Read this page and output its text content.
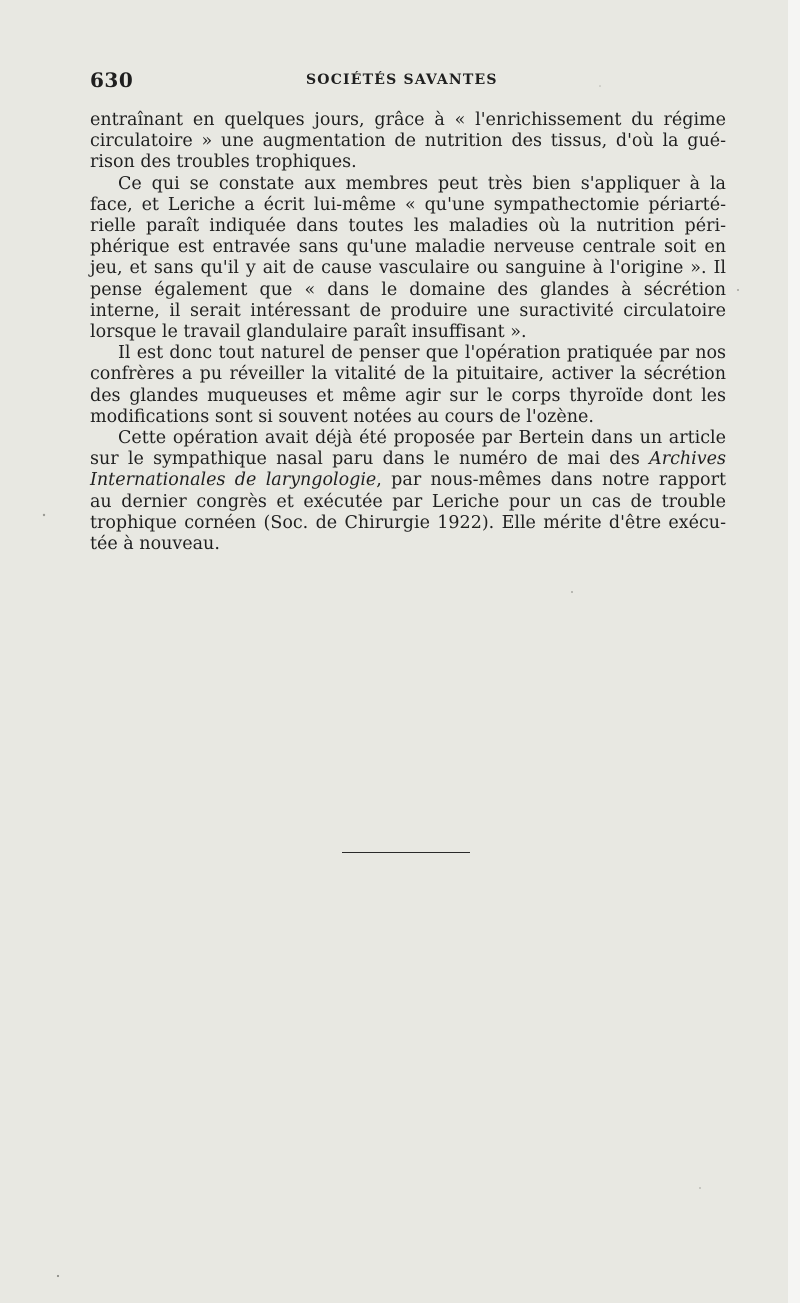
630	SOCIÉTÉS SAVANTES

entraînant en quelques jours, grâce à « l'enrichissement du régime circulatoire » une augmentation de nutrition des tissus, d'où la guérison des troubles trophiques.

Ce qui se constate aux membres peut très bien s'appliquer à la face, et Leriche a écrit lui-même « qu'une sympathectomie périartérielle paraît indiquée dans toutes les maladies où la nutrition périphérique est entravée sans qu'une maladie nerveuse centrale soit en jeu, et sans qu'il y ait de cause vasculaire ou sanguine à l'origine ». Il pense également que « dans le domaine des glandes à sécrétion interne, il serait intéressant de produire une suractivité circulatoire lorsque le travail glandulaire paraît insuffisant ».

Il est donc tout naturel de penser que l'opération pratiquée par nos confrères a pu réveiller la vitalité de la pituitaire, activer la sécrétion des glandes muqueuses et même agir sur le corps thyroïde dont les modifications sont si souvent notées au cours de l'ozène.

Cette opération avait déjà été proposée par Bertein dans un article sur le sympathique nasal paru dans le numéro de mai des Archives Internationales de laryngologie, par nous-mêmes dans notre rapport au dernier congrès et exécutée par Leriche pour un cas de trouble trophique cornéen (Soc. de Chirurgie 1922). Elle mérite d'être exécutée à nouveau.
